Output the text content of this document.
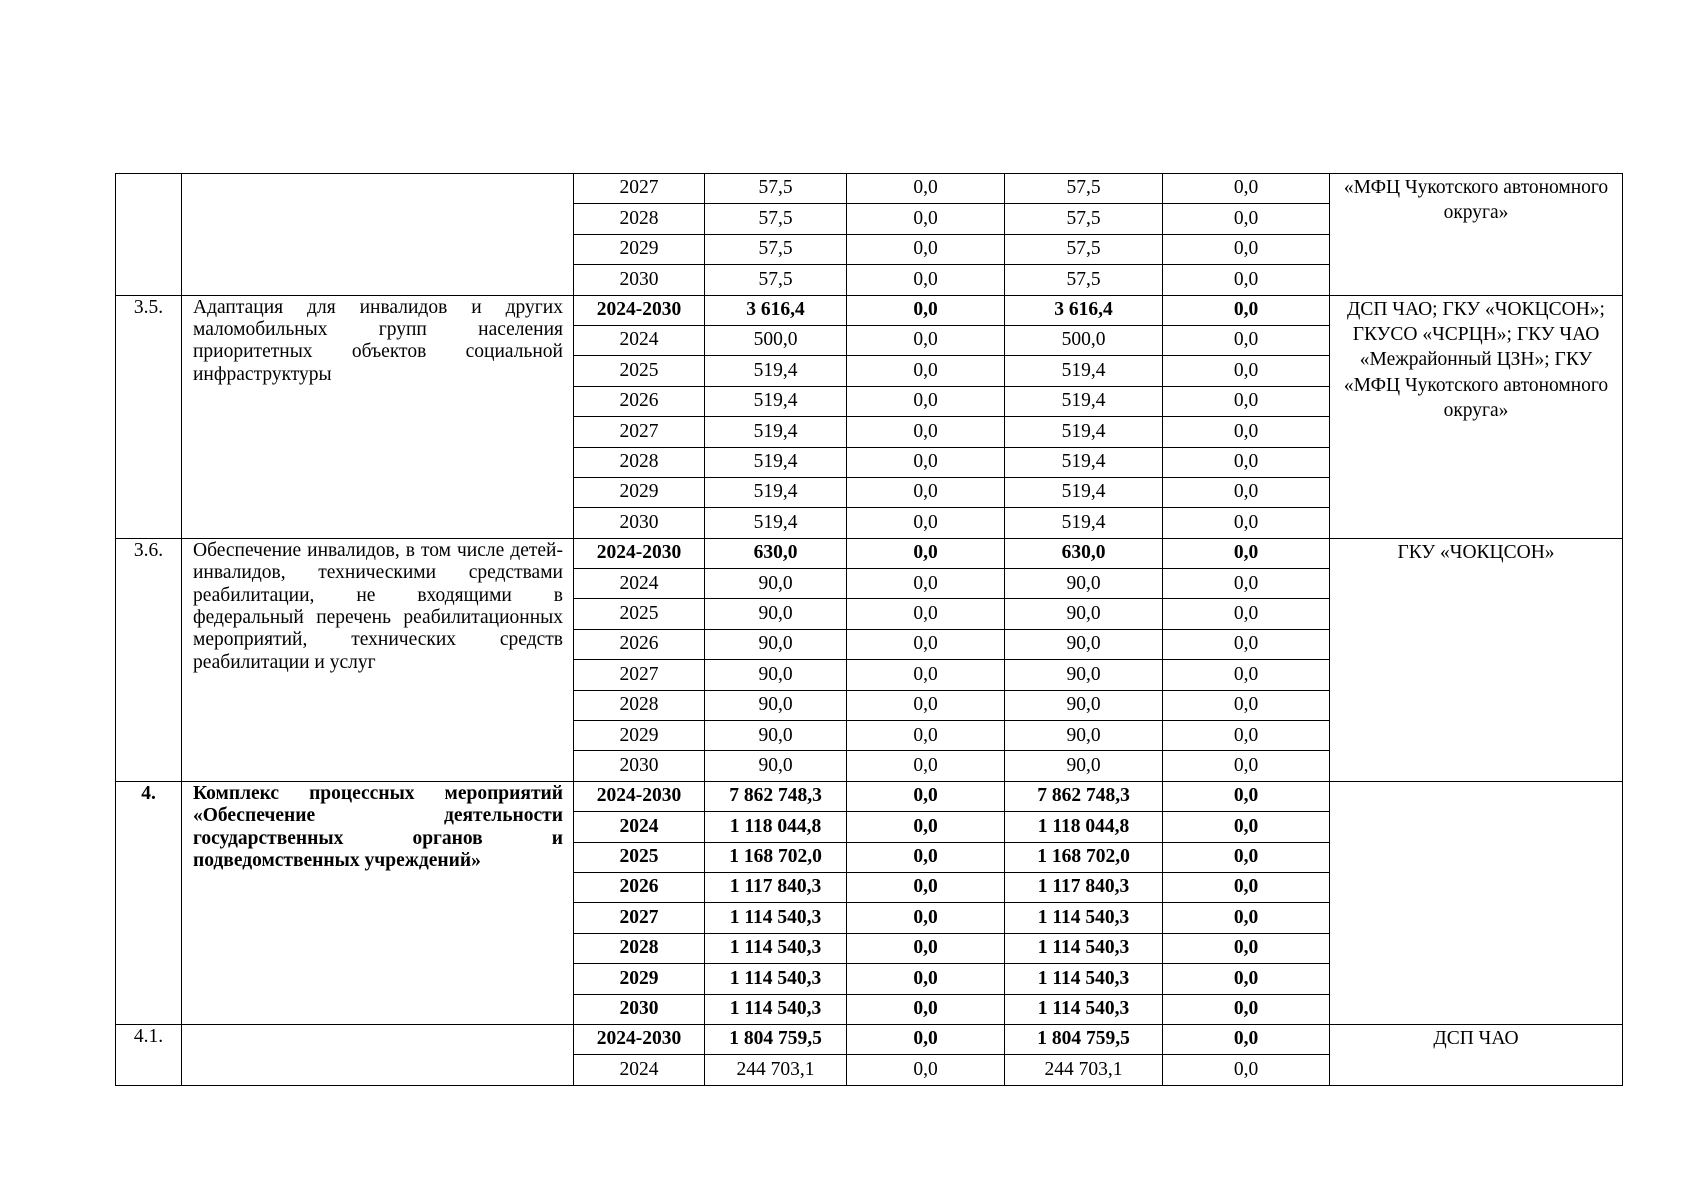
		2027	57,5	0,0	57,5	0,0	«МФЦ Чукотского автономного округа»
		2028	57,5	0,0	57,5	0,0	
		2029	57,5	0,0	57,5	0,0	
		2030	57,5	0,0	57,5	0,0	
3.5.	Адаптация для инвалидов и других маломобильных групп населения приоритетных объектов социальной инфраструктуры	2024-2030	3 616,4	0,0	3 616,4	0,0	ДСП ЧАО; ГКУ «ЧОКЦСОН»; ГКУСО «ЧСРЦН»; ГКУ ЧАО «Межрайонный ЦЗН»; ГКУ «МФЦ Чукотского автономного округа»
		2024	500,0	0,0	500,0	0,0	
		2025	519,4	0,0	519,4	0,0	
		2026	519,4	0,0	519,4	0,0	
		2027	519,4	0,0	519,4	0,0	
		2028	519,4	0,0	519,4	0,0	
		2029	519,4	0,0	519,4	0,0	
		2030	519,4	0,0	519,4	0,0	
3.6.	Обеспечение инвалидов, в том числе детей-инвалидов, техническими средствами реабилитации, не входящими в федеральный перечень реабилитационных мероприятий, технических средств реабилитации и услуг	2024-2030	630,0	0,0	630,0	0,0	ГКУ «ЧОКЦСОН»
		2024	90,0	0,0	90,0	0,0	
		2025	90,0	0,0	90,0	0,0	
		2026	90,0	0,0	90,0	0,0	
		2027	90,0	0,0	90,0	0,0	
		2028	90,0	0,0	90,0	0,0	
		2029	90,0	0,0	90,0	0,0	
		2030	90,0	0,0	90,0	0,0	
4.	Комплекс процессных мероприятий «Обеспечение деятельности государственных органов и подведомственных учреждений»	2024-2030	7 862 748,3	0,0	7 862 748,3	0,0	
		2024	1 118 044,8	0,0	1 118 044,8	0,0	
		2025	1 168 702,0	0,0	1 168 702,0	0,0	
		2026	1 117 840,3	0,0	1 117 840,3	0,0	
		2027	1 114 540,3	0,0	1 114 540,3	0,0	
		2028	1 114 540,3	0,0	1 114 540,3	0,0	
		2029	1 114 540,3	0,0	1 114 540,3	0,0	
		2030	1 114 540,3	0,0	1 114 540,3	0,0	
4.1.		2024-2030	1 804 759,5	0,0	1 804 759,5	0,0	ДСП ЧАО
		2024	244 703,1	0,0	244 703,1	0,0	
